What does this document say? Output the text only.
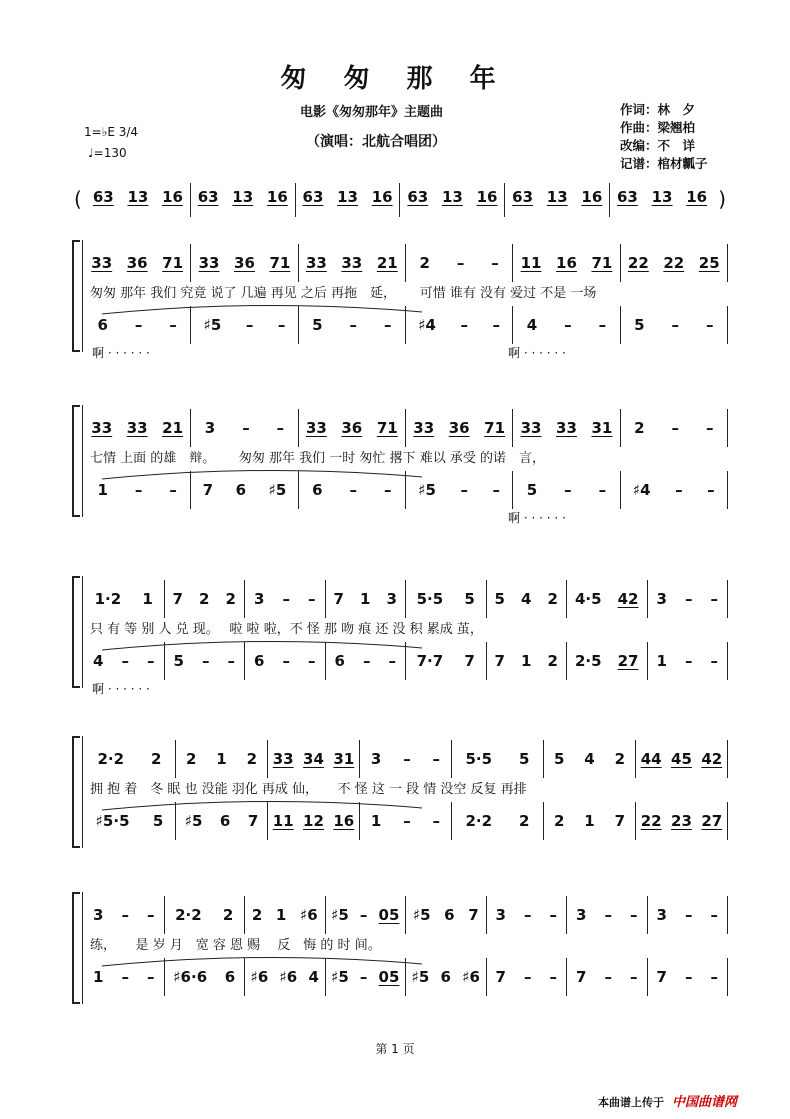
匆 匆 那 年
电影《匆匆那年》主题曲
（演唱：北航合唱团）
作词：林　夕
作曲：梁翘柏
改编：不　详
记谱：棺材瓤子
1=♭E 3/4
♩=130
( 63 13 16 63 13 16 63 13 16 63 13 16 63 13 16 63 13 16 )
33 36 71 33 36 71 33 33 21 2 – – 11 16 71 22 22 25
匆匆 那年 我们 究竟 说了 几遍 再见 之后 再拖　延，　　 可惜 谁有 没有 爱过 不是 一场
6 – – ♯5 – – 5 – – ♯4 – – 4 – – 5 – –
啊 · · · · · ·	啊 · · · · · ·
33 33 21 3 – – 33 36 71 33 36 71 33 33 31 2 – –
七情 上面 的雄　辩。　　 匆匆 那年 我们 一时 匆忙 撂下 难以 承受 的诺　言，
1 – – 7 6 ♯5 6 – – ♯5 – – 5 – – ♯4 – –
啊 · · · · · ·
1·2 1 7 2 2 3 – – 7 1 3 5·5 5 5 4 2 4·5 42 3 – –
只 有 等 别 人 兑 现。　 啦 啦 啦，不 怪 那 吻 痕 还 没 积 累成 茧，
4 – – 5 – – 6 – – 6 – – 7·7 7 7 1 2 2·5 27 1 – –
啊 · · · · · ·
2·2 2 2 1 2 33 34 31 3 – – 5·5 5 5 4 2 44 45 42
拥 抱 着　冬 眠 也 没能 羽化 再成 仙，　　不 怪 这 一 段 情 没空 反复 再排
♯5·5 5 ♯5 6 7 11 12 16 1 – – 2·2 2 2 1 7 22 23 27
3 – – 2·2 2 2 1 ♯6 ♯5 – 05 ♯5 6 7 3 – – 3 – – 3 – –
练，　　是 岁 月　宽 容 恩 赐　 反　悔 的 时 间。
1 – – ♯6·6 6 ♯6 ♯6 4 ♯5 – 05 ♯5 6 ♯6 7 – – 7 – – 7 – –
第 1 页
本曲谱上传于 中国曲谱网
